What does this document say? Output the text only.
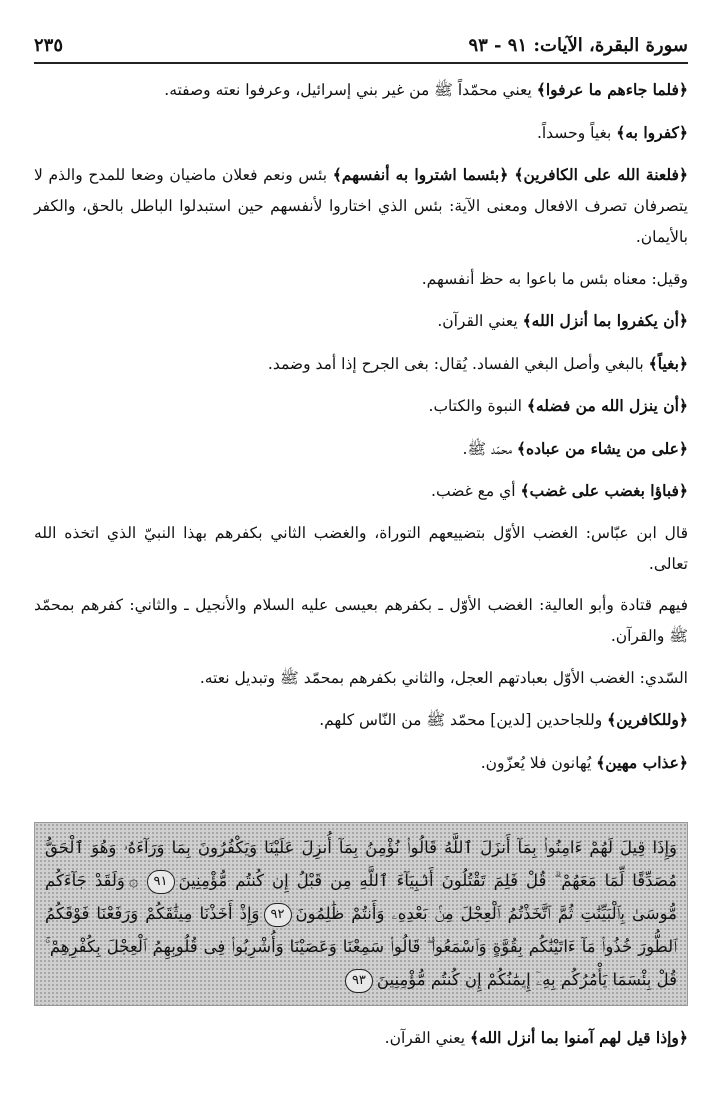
سورة البقرة، الآيات: ٩١ - ٩٣
٢٣٥

﴿فلما جاءهم ما عرفوا﴾ يعني محمّداً ﷺ من غير بني إسرائيل، وعرفوا نعته وصفته.

﴿كفروا به﴾ بغياً وحسداً.

﴿فلعنة الله على الكافرين﴾ ﴿بئسما اشتروا به أنفسهم﴾ بئس ونعم فعلان ماضيان وضعا للمدح والذم لا يتصرفان تصرف الافعال ومعنى الآية: بئس الذي اختاروا لأنفسهم حين استبدلوا الباطل بالحق، والكفر بالأيمان.

وقيل: معناه بئس ما باعوا به حظ أنفسهم.

﴿أن يكفروا بما أنزل الله﴾ يعني القرآن.

﴿بغياً﴾ بالبغي وأصل البغي الفساد. يُقال: بغى الجرح إذا أمد وضمد.

﴿أن ينزل الله من فضله﴾ النبوة والكتاب.

﴿على من يشاء من عباده﴾ محمّد ﷺ.

﴿فباؤا بغضب على غضب﴾ أي مع غضب.

قال ابن عبّاس: الغضب الأوّل بتضييعهم التوراة، والغضب الثاني بكفرهم بهذا النبيّ الذي اتخذه الله تعالى.

فيهم قتادة وأبو العالية: الغضب الأوّل ـ بكفرهم بعيسى عليه السلام والأنجيل ـ والثاني: كفرهم بمحمّد ﷺ والقرآن.

السّدي: الغضب الأوّل بعبادتهم العجل، والثاني بكفرهم بمحمّد ﷺ وتبديل نعته.

﴿وللكافرين﴾ وللجاحدين [لدين] محمّد ﷺ من النّاس كلهم.

﴿عذاب مهين﴾ يُهانون فلا يُعزّون.

وَإِذَا قِيلَ لَهُمْ ءَامِنُوا۟ بِمَآ أَنزَلَ ٱللَّهُ قَالُوا۟ نُؤْمِنُ بِمَآ أُنزِلَ عَلَيْنَا وَيَكْفُرُونَ بِمَا وَرَآءَهُۥ وَهُوَ ٱلْحَقُّ مُصَدِّقًا لِّمَا مَعَهُمْ ۗ قُلْ فَلِمَ تَقْتُلُونَ أَنۢبِيَآءَ ٱللَّهِ مِن قَبْلُ إِن كُنتُم مُّؤْمِنِينَ٩١۞وَلَقَدْ جَآءَكُم مُّوسَىٰ بِٱلْبَيِّنَٰتِ ثُمَّ ٱتَّخَذْتُمُ ٱلْعِجْلَ مِنۢ بَعْدِهِۦ وَأَنتُمْ ظَٰلِمُونَ٩٢وَإِذْ أَخَذْنَا مِيثَٰقَكُمْ وَرَفَعْنَا فَوْقَكُمُ ٱلطُّورَ خُذُوا۟ مَآ ءَاتَيْنَٰكُم بِقُوَّةٍ وَٱسْمَعُوا۟ ۖ قَالُوا۟ سَمِعْنَا وَعَصَيْنَا وَأُشْرِبُوا۟ فِى قُلُوبِهِمُ ٱلْعِجْلَ بِكُفْرِهِمْ ۚ قُلْ بِئْسَمَا يَأْمُرُكُم بِهِۦٓ إِيمَٰنُكُمْ إِن كُنتُم مُّؤْمِنِينَ٩٣
﴿وإذا قيل لهم آمنوا بما أنزل الله﴾ يعني القرآن.
